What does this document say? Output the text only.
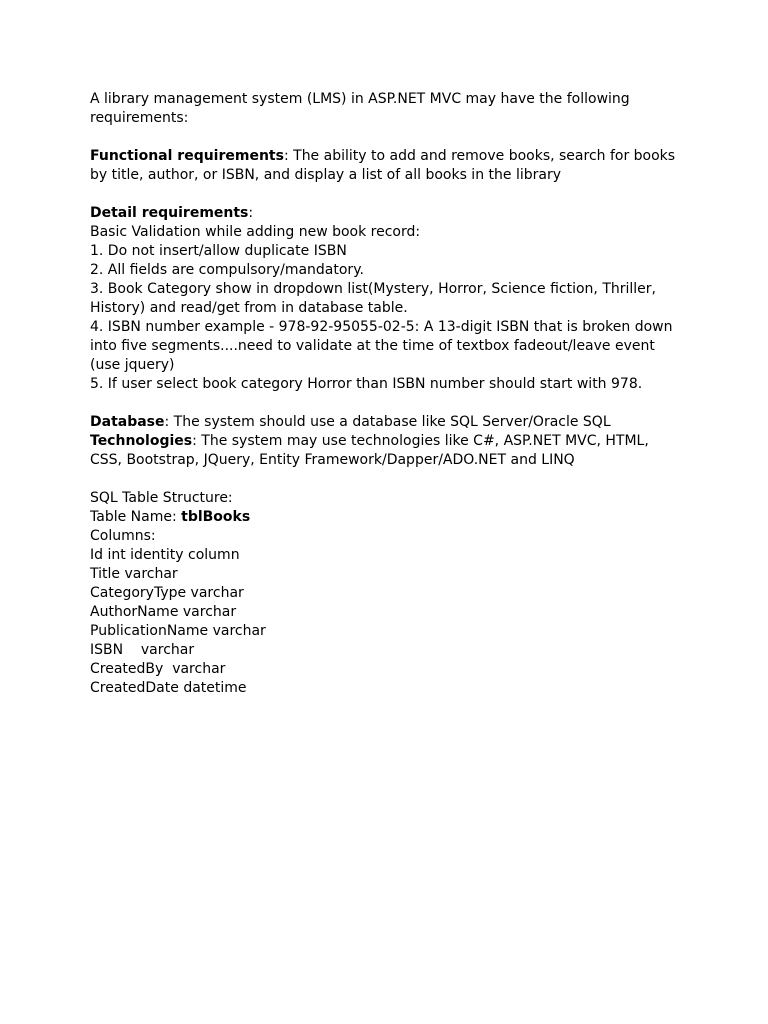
A library management system (LMS) in ASP.NET MVC may have the following

requirements:

Functional requirements: The ability to add and remove books, search for books

by title, author, or ISBN, and display a list of all books in the library

Detail requirements:

Basic Validation while adding new book record:

1. Do not insert/allow duplicate ISBN

2. All fields are compulsory/mandatory.

3. Book Category show in dropdown list(Mystery, Horror, Science fiction, Thriller,

History) and read/get from in database table.

4. ISBN number example - 978-92-95055-02-5: A 13-digit ISBN that is broken down

into five segments....need to validate at the time of textbox fadeout/leave event

(use jquery)

5. If user select book category Horror than ISBN number should start with 978.

Database: The system should use a database like SQL Server/Oracle SQL

Technologies: The system may use technologies like C#, ASP.NET MVC, HTML,

CSS, Bootstrap, JQuery, Entity Framework/Dapper/ADO.NET and LINQ

SQL Table Structure:

Table Name: tblBooks

Columns:

Id int identity column

Title varchar

CategoryType varchar

AuthorName varchar

PublicationName varchar

ISBN    varchar

CreatedBy  varchar

CreatedDate datetime
